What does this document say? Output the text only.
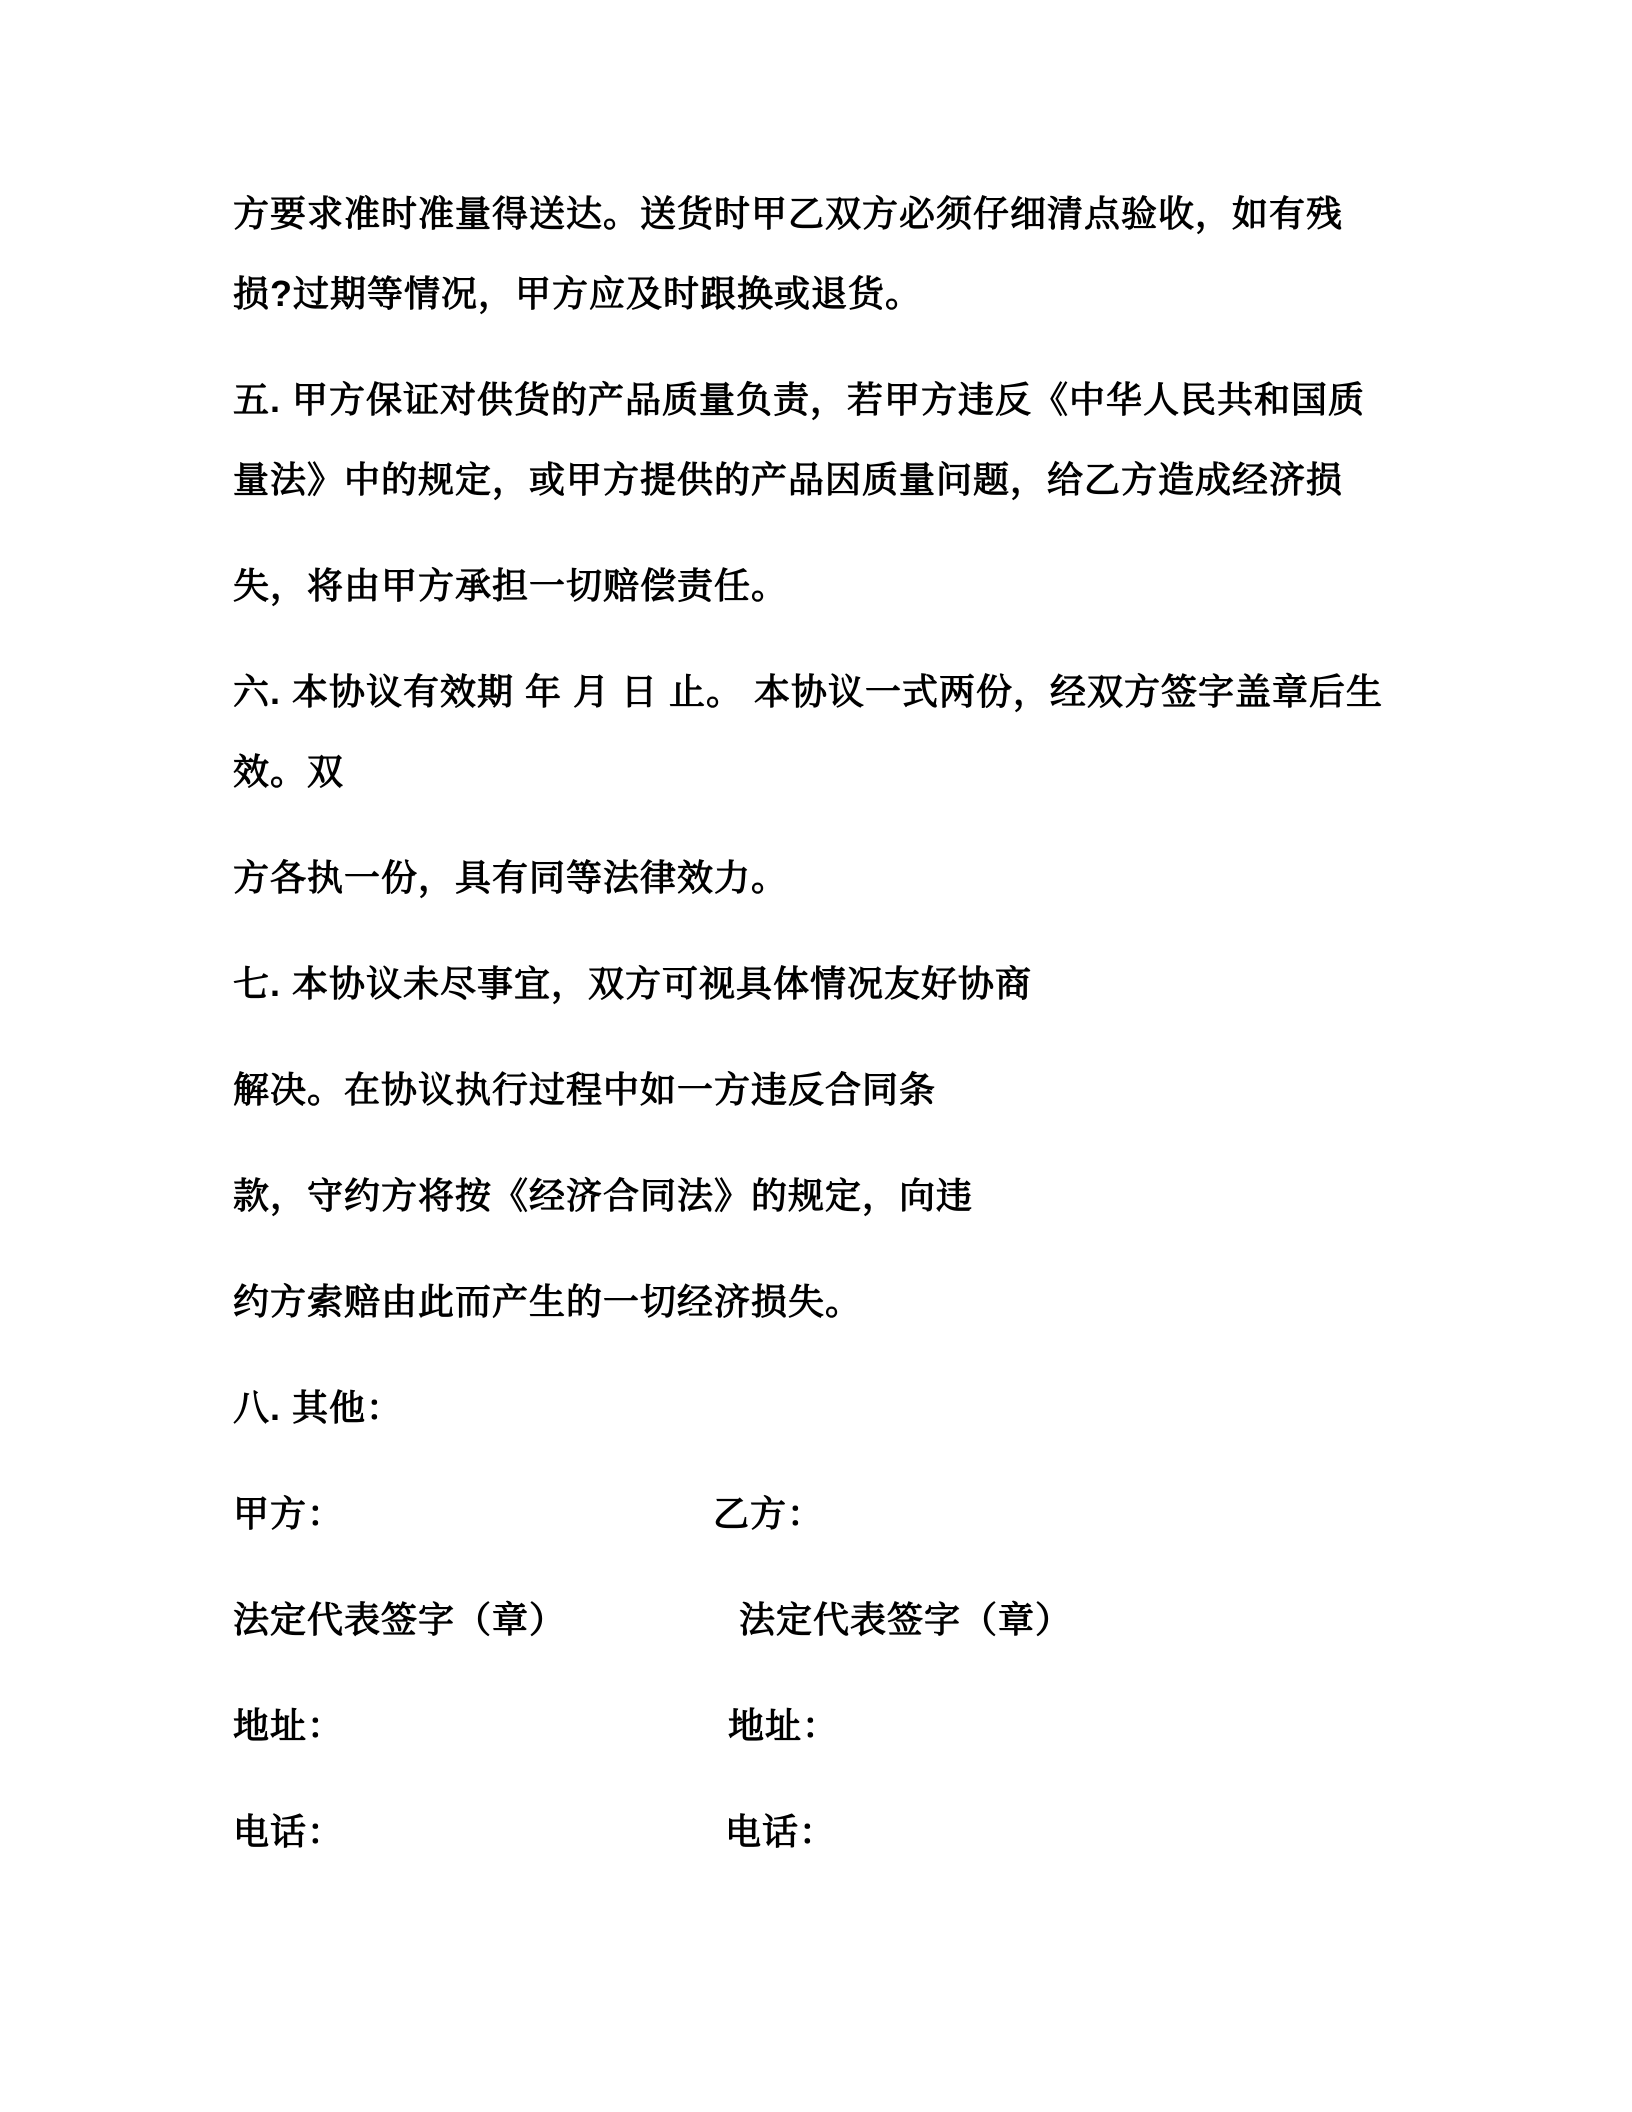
方要求准时准量得送达。送货时甲乙双方必须仔细清点验收，如有残
损?过期等情况，甲方应及时跟换或退货。
五. 甲方保证对供货的产品质量负责，若甲方违反《中华人民共和国质
量法》中的规定，或甲方提供的产品因质量问题，给乙方造成经济损
失，将由甲方承担一切赔偿责任。
六. 本协议有效期 年 月 日 止。 本协议一式两份，经双方签字盖章后生
效。双
方各执一份，具有同等法律效力。
七. 本协议未尽事宜，双方可视具体情况友好协商
解决。在协议执行过程中如一方违反合同条
款，守约方将按《经济合同法》的规定，向违
约方索赔由此而产生的一切经济损失。
八. 其他：
甲方：	乙方：
法定代表签字（章）	法定代表签字（章）
地址：	地址：
电话：	电话：
